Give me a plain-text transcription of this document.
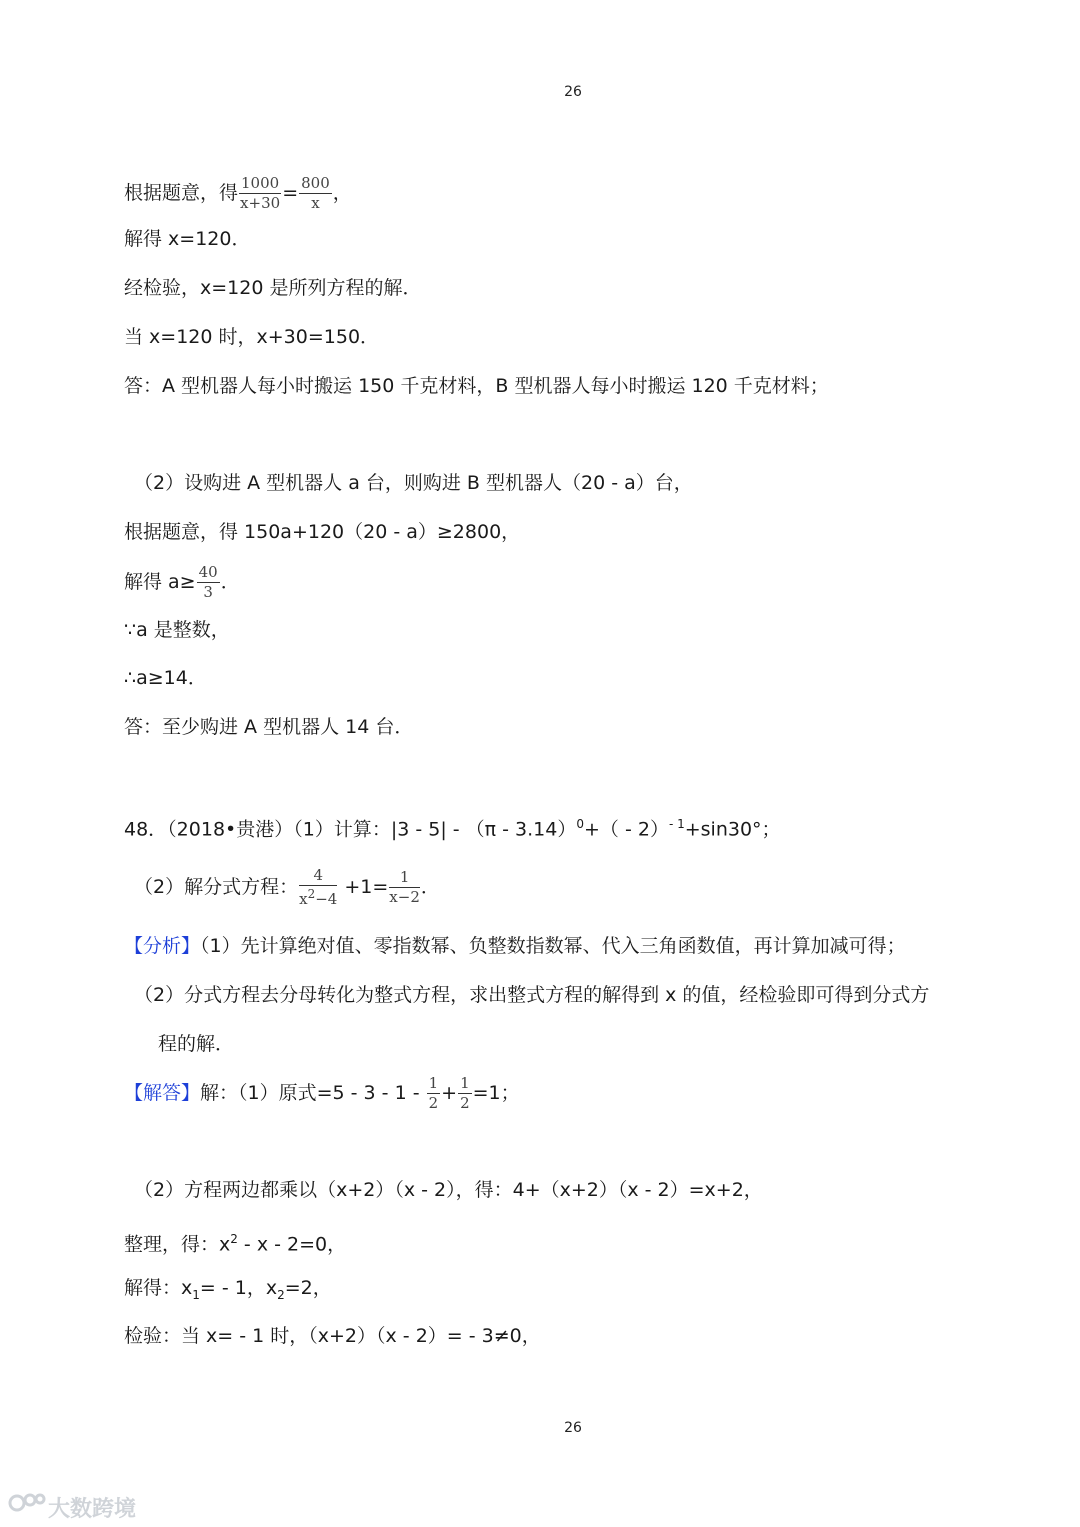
26
根据题意，得 $\frac{1000}{x+30} = \frac{800}{x}$ ，
解得 x=120．
经检验，x=120 是所列方程的解．
当 x=120 时，x+30=150．
答：A 型机器人每小时搬运 150 千克材料，B 型机器人每小时搬运 120 千克材料；
（2）设购进 A 型机器人 a 台，则购进 B 型机器人（20 - a）台，
根据题意，得 150a+120（20 - a）≥2800，
解得 $a\ge \frac{40}{3}$ ．
∵a 是整数，
∴a≥14．
答：至少购进 A 型机器人 14 台．
48．（2018•贵港）（1）计算：|3 - 5| - （π - 3.14）$^0$+（ - 2）$^{- 1}$+sin30°；
（2）解分式方程： $\frac{4}{x^2-4} +1= \frac{1}{x-2}$ ．
【分析】（1）先计算绝对值、零指数幂、负整数指数幂、代入三角函数值，再计算加减可得；
（2）分式方程去分母转化为整式方程，求出整式方程的解得到 x 的值，经检验即可得到分式方
程的解．
【解答】解：（1）原式$=5 - 3 - 1 - \frac{1}{2} + \frac{1}{2} =1$；
（2）方程两边都乘以（x+2）（x - 2），得：4+（x+2）（x - 2）=x+2，
整理，得：$x^2 - x - 2=0$，
解得：$x_1= - 1$，$x_2=2$，
检验：当 x= - 1 时，（x+2）（x - 2）= - 3≠0，
26
大数跨境
